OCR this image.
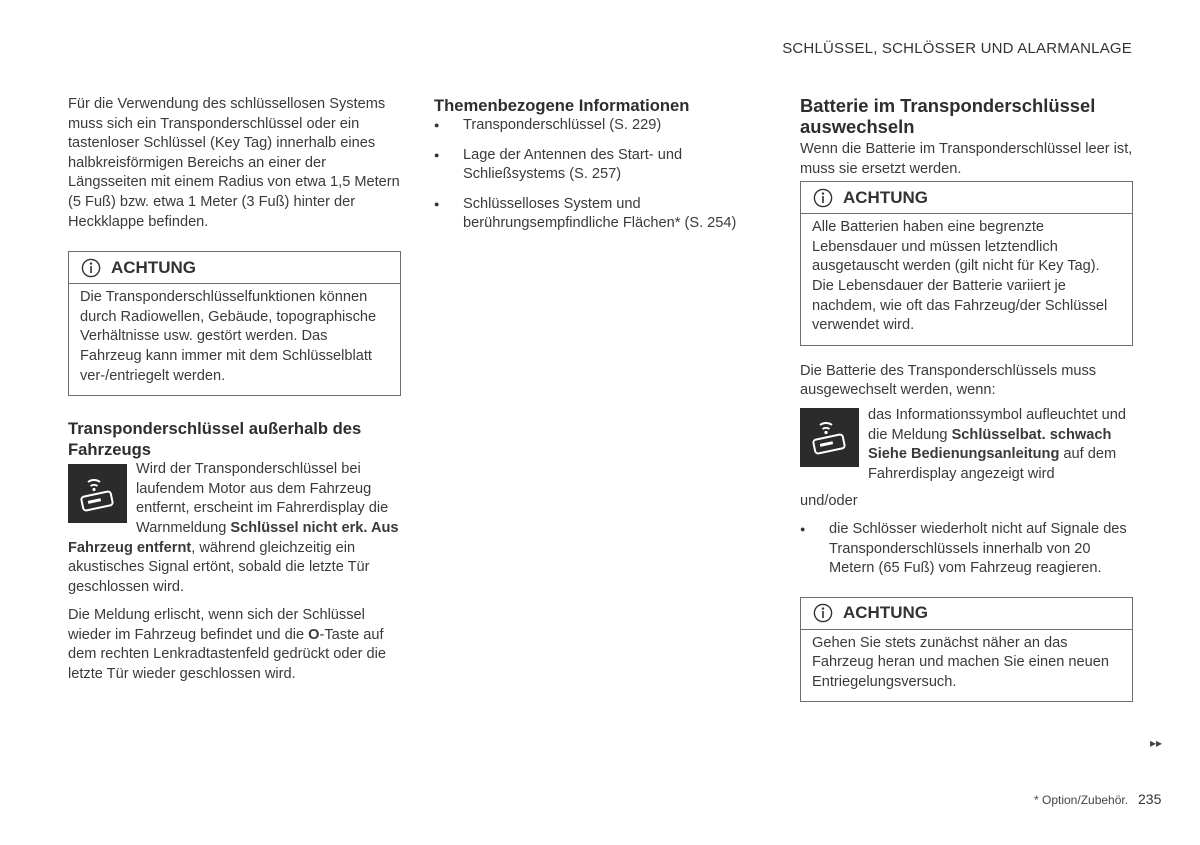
SCHLÜSSEL, SCHLÖSSER UND ALARMANLAGE

Für die Verwendung des schlüssellosen Systems muss sich ein Transponderschlüssel oder ein tastenloser Schlüssel (Key Tag) innerhalb eines halbkreisförmigen Bereichs an einer der Längsseiten mit einem Radius von etwa 1,5 Metern (5 Fuß) bzw. etwa 1 Meter (3 Fuß) hinter der Heckklappe befinden.

ACHTUNG
Die Transponderschlüsselfunktionen können durch Radiowellen, Gebäude, topographische Verhältnisse usw. gestört werden. Das Fahrzeug kann immer mit dem Schlüsselblatt ver-/entriegelt werden.
Transponderschlüssel außerhalb des Fahrzeugs

Wird der Transponderschlüssel bei laufendem Motor aus dem Fahrzeug entfernt, erscheint im Fahrerdisplay die Warnmeldung Schlüssel nicht erk. Aus Fahrzeug entfernt, während gleichzeitig ein akustisches Signal ertönt, sobald die letzte Tür geschlossen wird.

Die Meldung erlischt, wenn sich der Schlüssel wieder im Fahrzeug befindet und die O-Taste auf dem rechten Lenkradtastenfeld gedrückt oder die letzte Tür wieder geschlossen wird.

Themenbezogene Informationen
● Transponderschlüssel (S. 229)
● Lage der Antennen des Start- und Schließsystems (S. 257)
● Schlüsselloses System und berührungsempfindliche Flächen* (S. 254)
Batterie im Transponderschlüssel auswechseln

Wenn die Batterie im Transponderschlüssel leer ist, muss sie ersetzt werden.

ACHTUNG
Alle Batterien haben eine begrenzte Lebensdauer und müssen letztendlich ausgetauscht werden (gilt nicht für Key Tag). Die Lebensdauer der Batterie variiert je nachdem, wie oft das Fahrzeug/der Schlüssel verwendet wird.

Die Batterie des Transponderschlüssels muss ausgewechselt werden, wenn:

das Informationssymbol aufleuchtet und die Meldung Schlüsselbat. schwach Siehe Bedienungsanleitung auf dem Fahrerdisplay angezeigt wird

und/oder

● die Schlösser wiederholt nicht auf Signale des Transponderschlüssels innerhalb von 20 Metern (65 Fuß) vom Fahrzeug reagieren.
ACHTUNG
Gehen Sie stets zunächst näher an das Fahrzeug heran und machen Sie einen neuen Entriegelungsversuch.
▸▸
* Option/Zubehör. 235
